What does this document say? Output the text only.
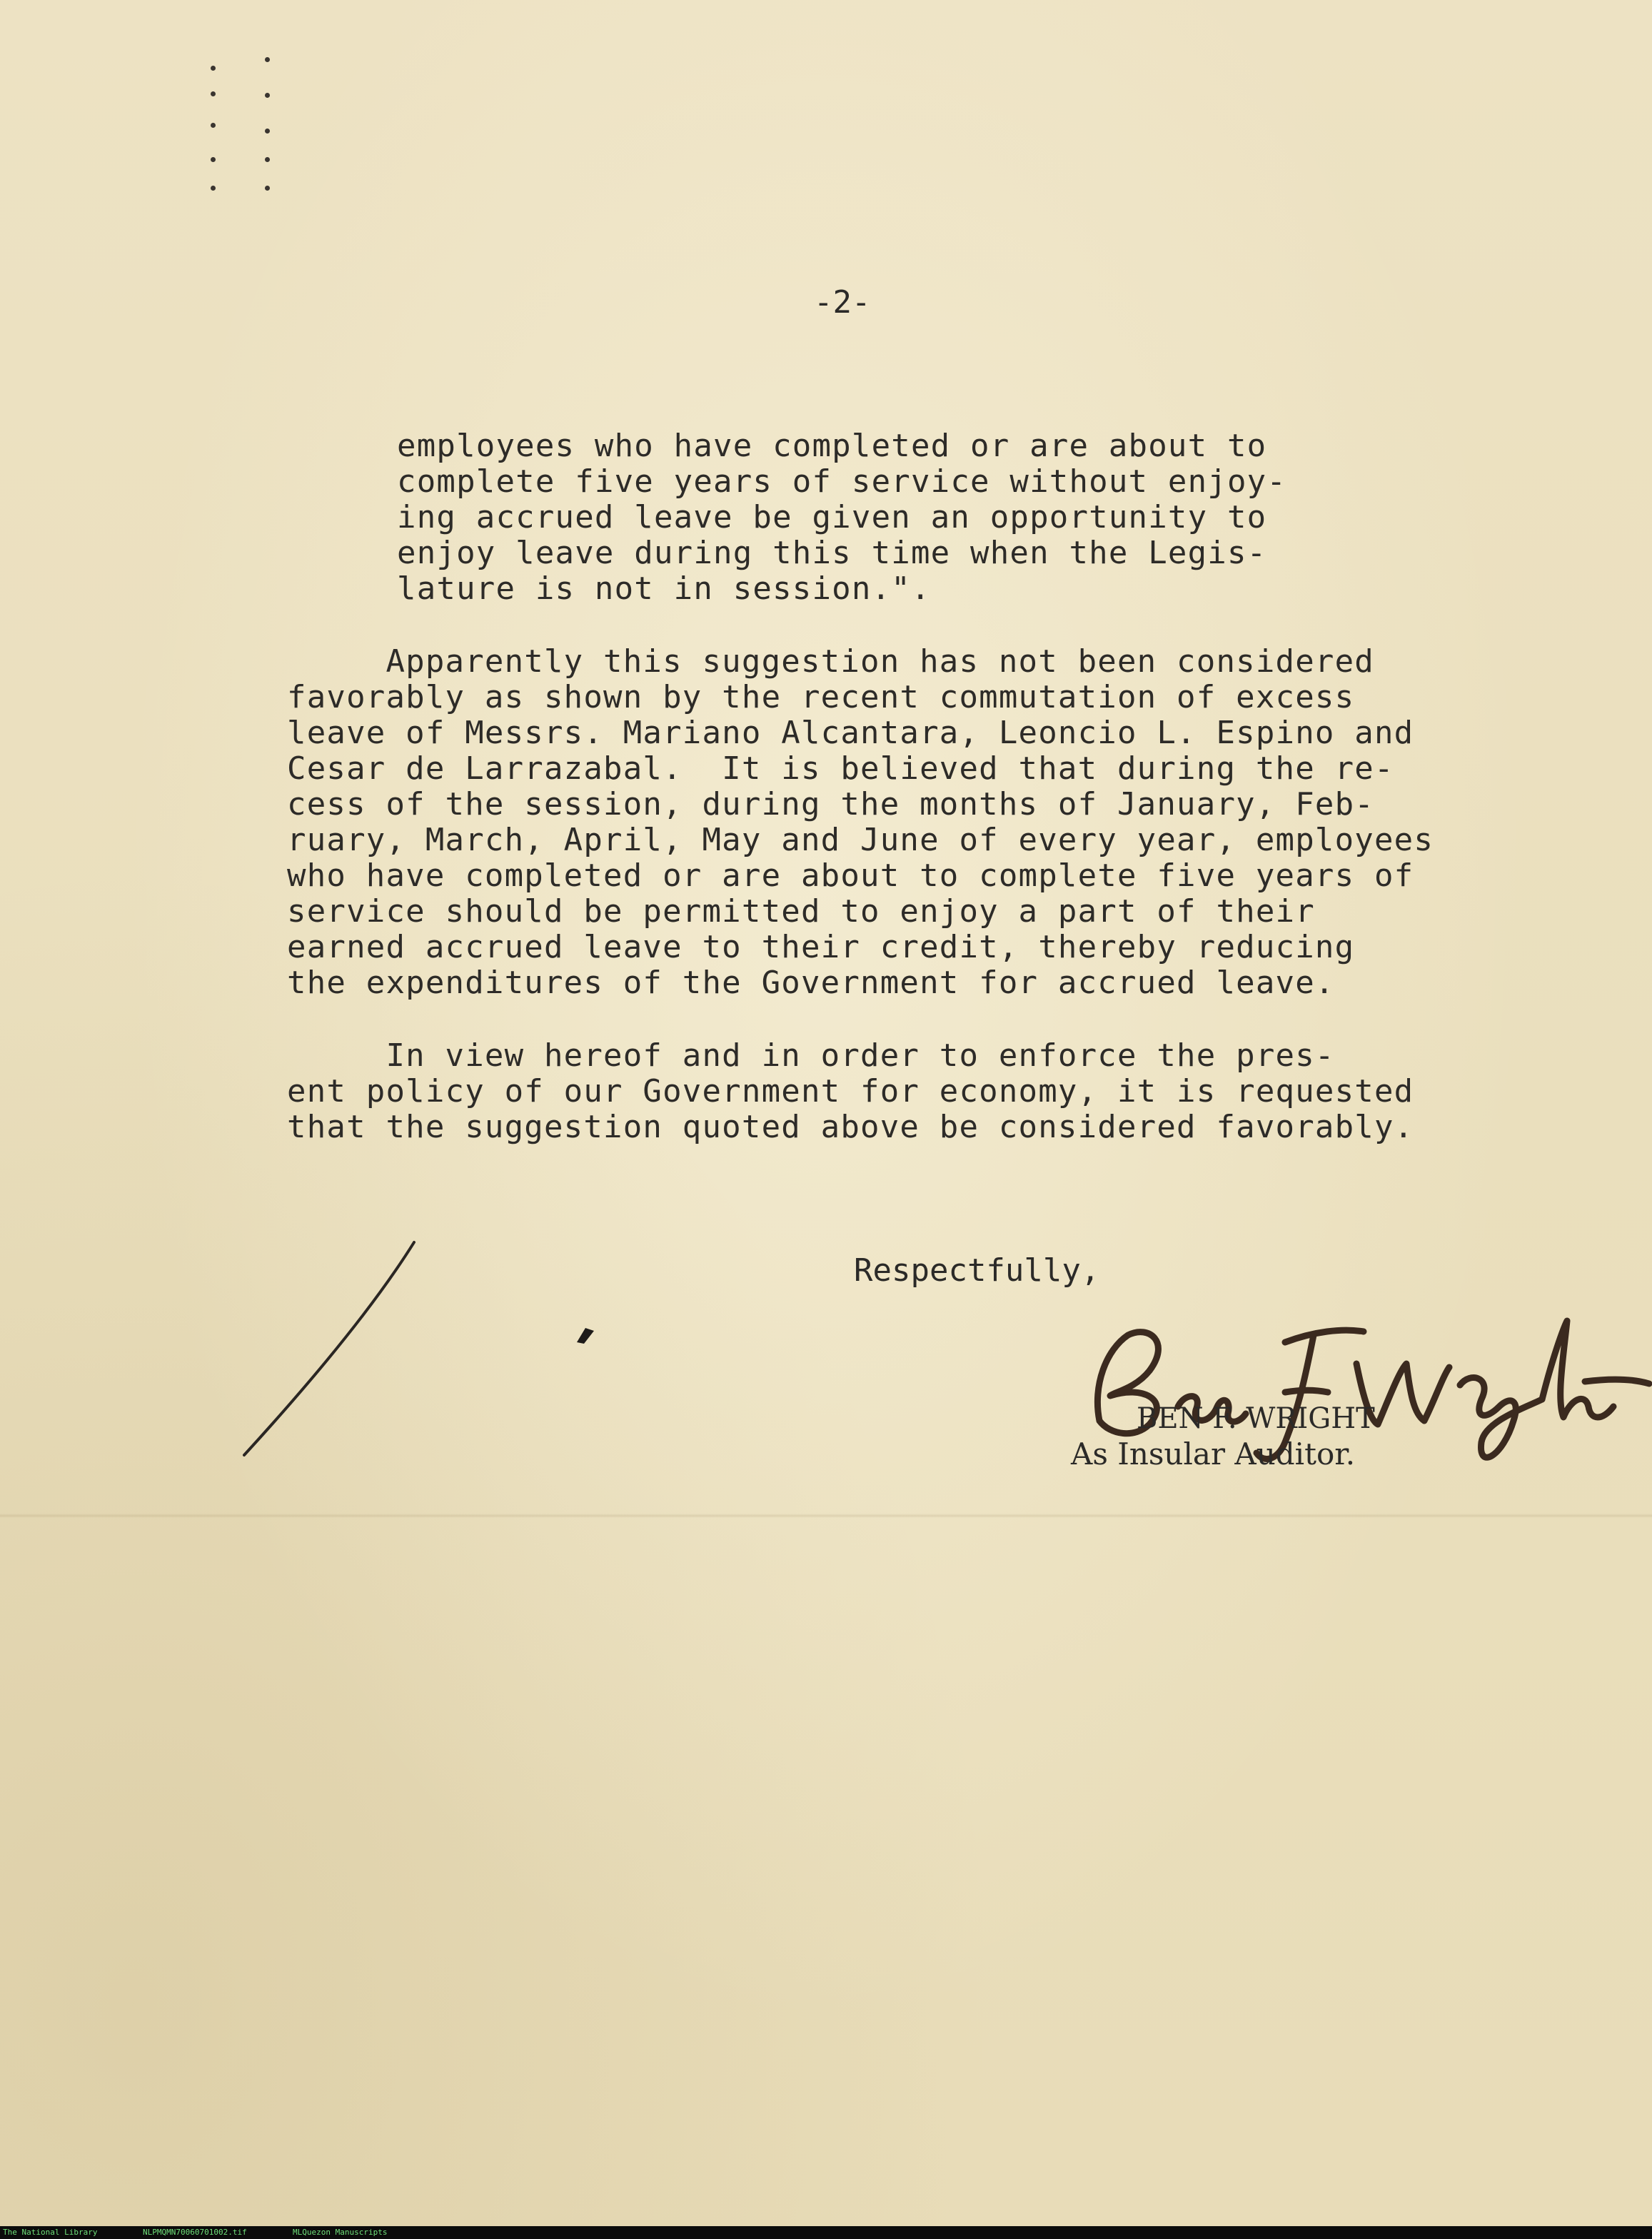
-2-
employees who have completed or are about to
complete five years of service without enjoy-
ing accrued leave be given an opportunity to
enjoy leave during this time when the Legis-
lature is not in session.".
Apparently this suggestion has not been considered
favorably as shown by the recent commutation of excess
leave of Messrs. Mariano Alcantara, Leoncio L. Espino and
Cesar de Larrazabal.  It is believed that during the re-
cess of the session, during the months of January, Feb-
ruary, March, April, May and June of every year, employees
who have completed or are about to complete five years of
service should be permitted to enjoy a part of their
earned accrued leave to their credit, thereby reducing
the expenditures of the Government for accrued leave.
In view hereof and in order to enforce the pres-
ent policy of our Government for economy, it is requested
that the suggestion quoted above be considered favorably.
Respectfully,
BEN F. WRIGHT
As Insular Auditor.
The National Library	NLPMQMN70060701002.tif	MLQuezon Manuscripts
